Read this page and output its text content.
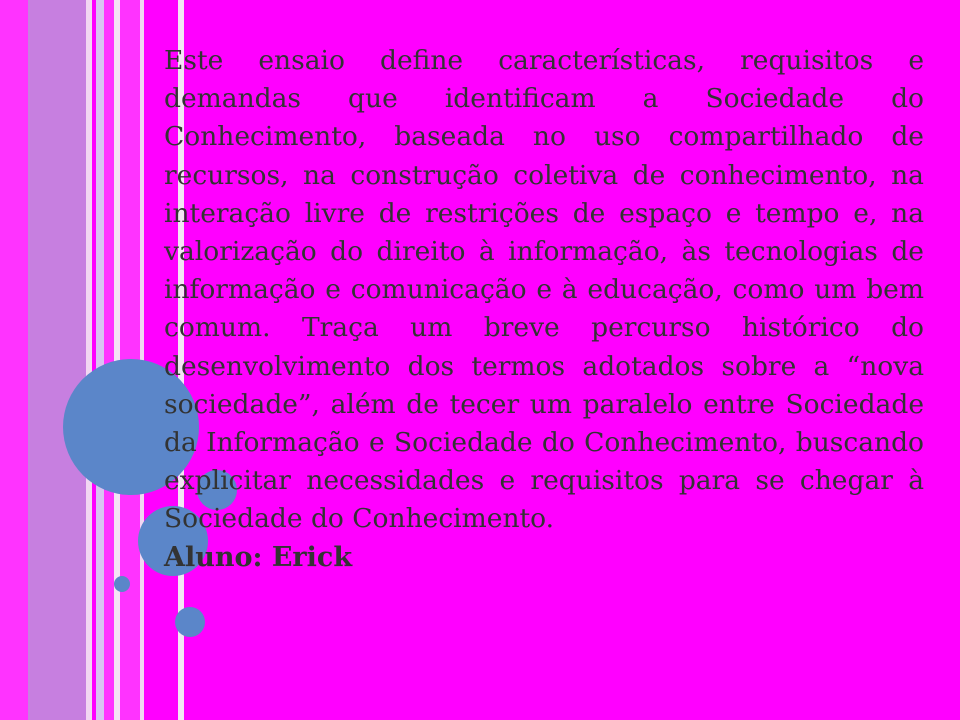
Este ensaio define características, requisitos e demandas que identificam a Sociedade do Conhecimento, baseada no uso compartilhado de recursos, na construção coletiva de conhecimento, na interação livre de restrições de espaço e tempo e, na valorização do direito à informação, às tecnologias de informação e comunicação e à educação, como um bem comum. Traça um breve percurso histórico do desenvolvimento dos termos adotados sobre a “nova sociedade”, além de tecer um paralelo entre Sociedade da Informação e Sociedade do Conhecimento, buscando explicitar necessidades e requisitos para se chegar à Sociedade do Conhecimento.

Aluno: Erick
